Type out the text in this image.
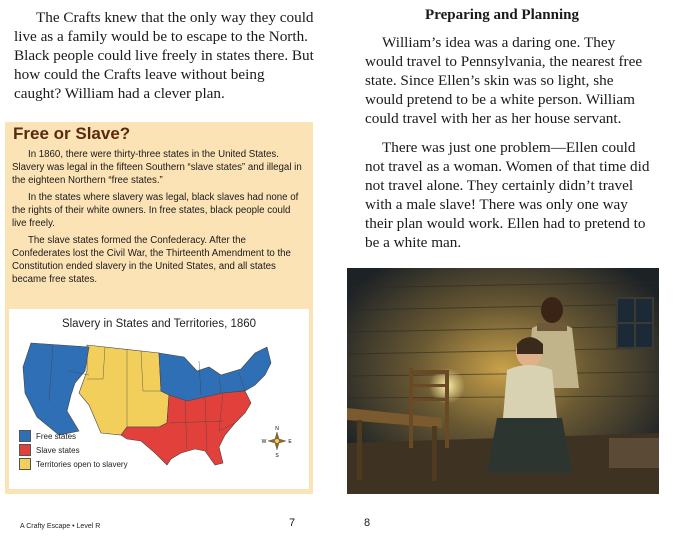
The Crafts knew that the only way they could live as a family would be to escape to the North. Black people could live freely in states there. But how could the Crafts leave without being caught? William had a clever plan.

Free or Slave?

In 1860, there were thirty-three states in the United States. Slavery was legal in the fifteen Southern “slave states” and illegal in the eighteen Northern “free states.”

In the states where slavery was legal, black slaves had none of the rights of their white owners. In free states, black people could live freely.

The slave states formed the Confederacy. After the Confederates lost the Civil War, the Thirteenth Amendment to the Constitution ended slavery in the United States, and all states became free states.

Slavery in States and Territories, 1860
N
S
E
W
Free states
Slave states
Territories open to slavery
A Crafty Escape • Level R	7
Preparing and Planning

William’s idea was a daring one. They would travel to Pennsylvania, the nearest free state. Since Ellen’s skin was so light, she would pretend to be a white person. William could travel with her as her house servant.

There was just one problem—Ellen could not travel as a woman. Women of that time did not travel alone. They certainly didn’t travel with a male slave! There was only one way their plan would work. Ellen had to pretend to be a white man.

8
